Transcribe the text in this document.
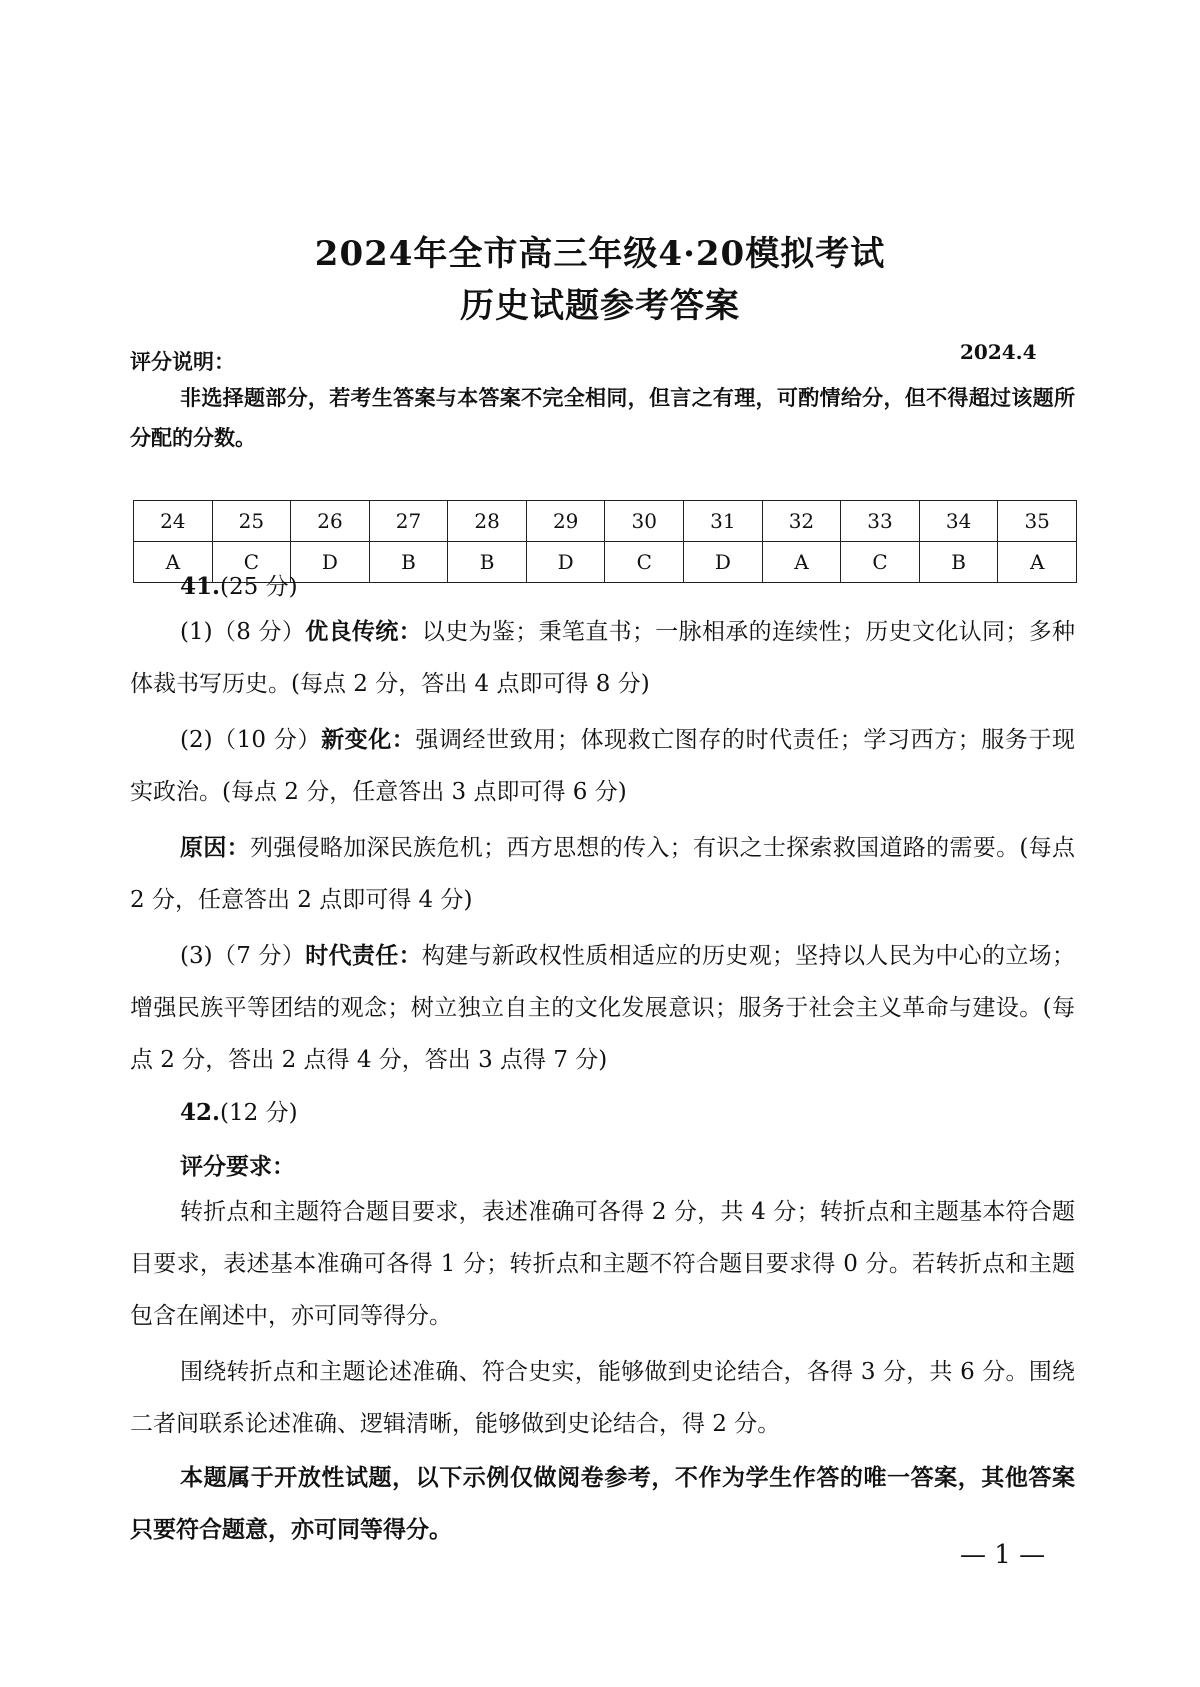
2024年全市高三年级4·20模拟考试
历史试题参考答案
2024.4
评分说明：
非选择题部分，若考生答案与本答案不完全相同，但言之有理，可酌情给分，但不得超过该题所分配的分数。
24	25	26	27	28	29	30	31	32	33	34	35
A	C	D	B	B	D	C	D	A	C	B	A
41.(25 分)
(1)（8 分）优良传统：以史为鉴；秉笔直书；一脉相承的连续性；历史文化认同；多种体裁书写历史。(每点 2 分，答出 4 点即可得 8 分)
(2)（10 分）新变化：强调经世致用；体现救亡图存的时代责任；学习西方；服务于现实政治。(每点 2 分，任意答出 3 点即可得 6 分)
原因：列强侵略加深民族危机；西方思想的传入；有识之士探索救国道路的需要。(每点 2 分，任意答出 2 点即可得 4 分)
(3)（7 分）时代责任：构建与新政权性质相适应的历史观；坚持以人民为中心的立场；增强民族平等团结的观念；树立独立自主的文化发展意识；服务于社会主义革命与建设。(每点 2 分，答出 2 点得 4 分，答出 3 点得 7 分)
42.(12 分)
评分要求：
转折点和主题符合题目要求，表述准确可各得 2 分，共 4 分；转折点和主题基本符合题目要求，表述基本准确可各得 1 分；转折点和主题不符合题目要求得 0 分。若转折点和主题包含在阐述中，亦可同等得分。
围绕转折点和主题论述准确、符合史实，能够做到史论结合，各得 3 分，共 6 分。围绕二者间联系论述准确、逻辑清晰，能够做到史论结合，得 2 分。
本题属于开放性试题，以下示例仅做阅卷参考，不作为学生作答的唯一答案，其他答案只要符合题意，亦可同等得分。
— 1 —
